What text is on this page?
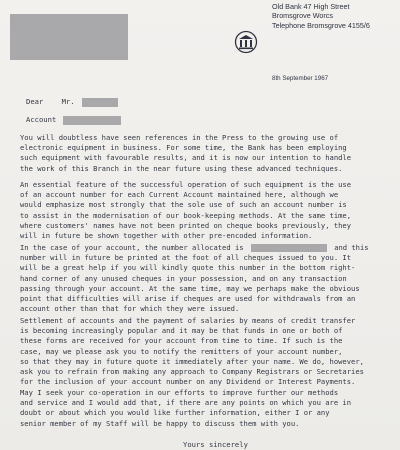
Old Bank 47 High Street
Bromsgrove Worcs
Telephone Bromsgrove 4155/6
8th September 1967
Dear	Mr.
Account
You will doubtless have seen references in the Press to the growing use of
electronic equipment in business. For some time, the Bank has been employing
such equipment with favourable results, and it is now our intention to handle
the work of this Branch in the near future using these advanced techniques.
An essential feature of the successful operation of such equipment is the use
of an account number for each Current Account maintained here, although we
would emphasize most strongly that the sole use of such an account number is
to assist in the modernisation of our book-keeping methods. At the same time,
where customers' names have not been printed on cheque books previously, they
will in future be shown together with other pre-encoded information.
In the case of your account, the number allocated is	and this
number will in future be printed at the foot of all cheques issued to you. It
will be a great help if you will kindly quote this number in the bottom right-
hand corner of any unused cheques in your possession, and on any transaction
passing through your account. At the same time, may we perhaps make the obvious
point that difficulties will arise if cheques are used for withdrawals from an
account other than that for which they were issued.
Settlement of accounts and the payment of salaries by means of credit transfer
is becoming increasingly popular and it may be that funds in one or both of
these forms are received for your account from time to time. If such is the
case, may we please ask you to notify the remitters of your account number,
so that they may in future quote it immediately after your name. We do, however,
ask you to refrain from making any approach to Company Registrars or Secretaries
for the inclusion of your account number on any Dividend or Interest Payments.
May I seek your co-operation in our efforts to improve further our methods
and service and I would add that, if there are any points on which you are in
doubt or about which you would like further information, either I or any
senior member of my Staff will be happy to discuss them with you.
Yours sincerely
